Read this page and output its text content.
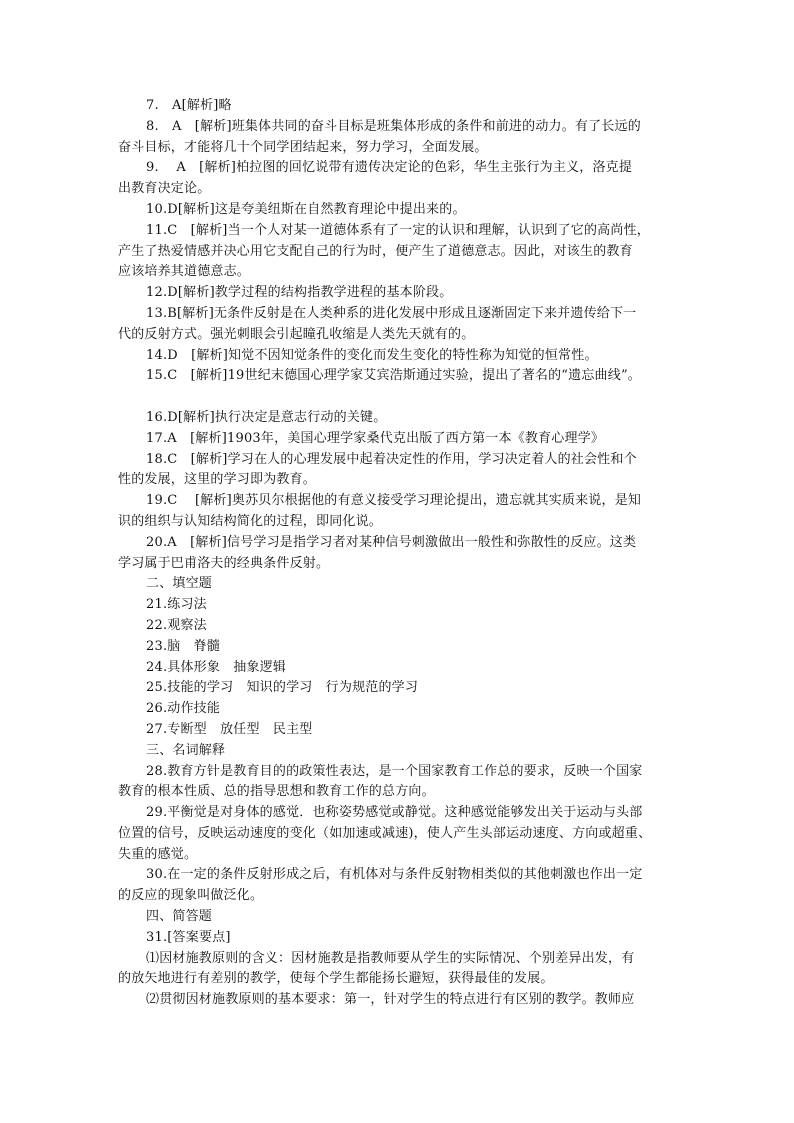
7.　A[解析]略
8.　A　[解析]班集体共同的奋斗目标是班集体形成的条件和前进的动力。有了长远的
奋斗目标，才能将几十个同学团结起来，努力学习，全面发展。
9.　 A　[解析]柏拉图的回忆说带有遗传决定论的色彩，华生主张行为主义，洛克提
出教育决定论。
10.D[解析]这是夸美纽斯在自然教育理论中提出来的。
11.C　[解析]当一个人对某一道德体系有了一定的认识和理解，认识到了它的高尚性，
产生了热爱情感并决心用它支配自己的行为时，便产生了道德意志。因此，对该生的教育
应该培养其道德意志。
12.D[解析]教学过程的结构指教学进程的基本阶段。
13.B[解析]无条件反射是在人类种系的进化发展中形成且逐渐固定下来并遗传给下一
代的反射方式。强光刺眼会引起瞳孔收缩是人类先天就有的。
14.D　[解析]知觉不因知觉条件的变化而发生变化的特性称为知觉的恒常性。
15.C　[解析]19世纪末德国心理学家艾宾浩斯通过实验，提出了著名的“遗忘曲线”。
16.D[解析]执行决定是意志行动的关键。
17.A　[解析]1903年，美国心理学家桑代克出版了西方第一本《教育心理学》
18.C　[解析]学习在人的心理发展中起着决定性的作用，学习决定着人的社会性和个
性的发展，这里的学习即为教育。
19.C　 [解析]奥苏贝尔根据他的有意义接受学习理论提出，遗忘就其实质来说，是知
识的组织与认知结构简化的过程，即同化说。
20.A　[解析]信号学习是指学习者对某种信号刺激做出一般性和弥散性的反应。这类
学习属于巴甫洛夫的经典条件反射。
二、填空题
21.练习法
22.观察法
23.脑　脊髓
24.具体形象　抽象逻辑
25.技能的学习　知识的学习　行为规范的学习
26.动作技能
27.专断型　放任型　民主型
三、名词解释
28.教育方针是教育目的的政策性表达，是一个国家教育工作总的要求，反映一个国家
教育的根本性质、总的指导思想和教育工作的总方向。
29.平衡觉是对身体的感觉．也称姿势感觉或静觉。这种感觉能够发出关于运动与头部
位置的信号，反映运动速度的变化（如加速或减速)，使人产生头部运动速度、方向或超重、
失重的感觉。
30.在一定的条件反射形成之后，有机体对与条件反射物相类似的其他刺激也作出一定
的反应的现象叫做泛化。
四、简答题
31.[答案要点]
⑴因材施教原则的含义：因材施教是指教师要从学生的实际情况、个别差异出发，有
的放矢地进行有差别的教学，使每个学生都能扬长避短，获得最佳的发展。
⑵贯彻因材施教原则的基本要求：第一，针对学生的特点进行有区别的教学。教师应
